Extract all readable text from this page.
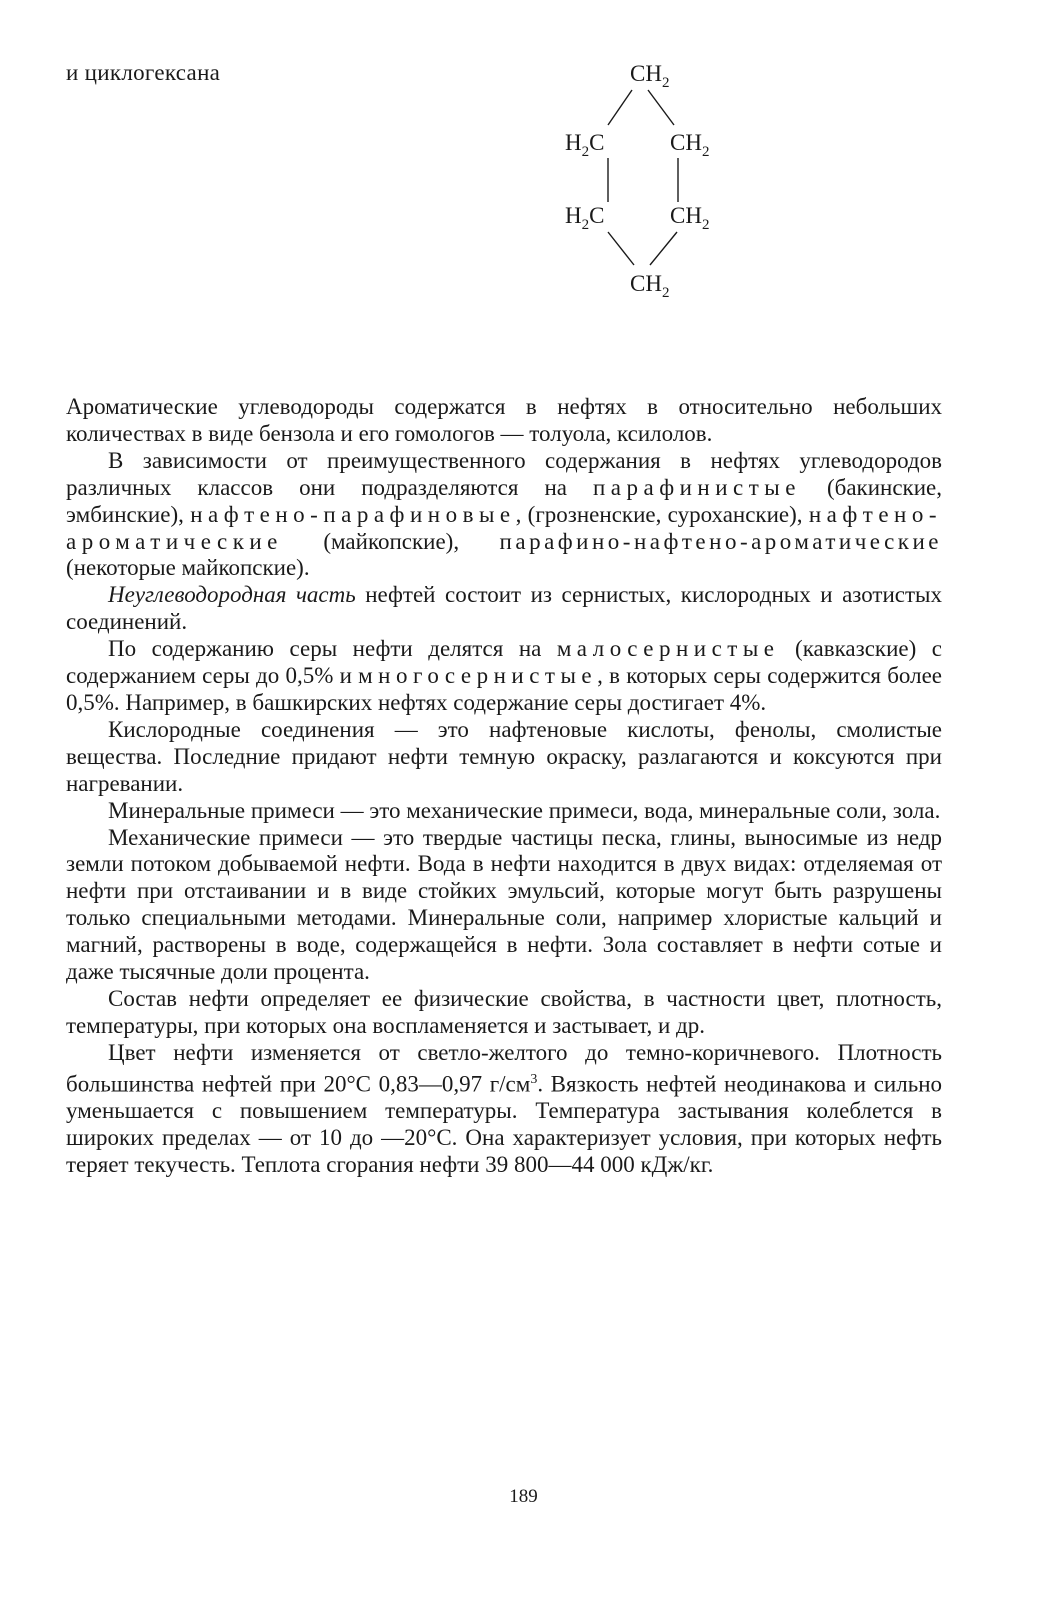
и циклогексана	$CH_2$
$H_2C$	$CH_2$
$H_2C$	$CH_2$
$CH_2$

Ароматические углеводороды содержатся в нефтях в относительно небольших количествах в виде бензола и его гомологов — толуола, ксилолов.

В зависимости от преимущественного содержания в нефтях углеводородов различных классов они подразделяются на парафинистые (бакинские, эмбинские), нафтено-парафиновые, (грозненские, суроханские), нафтено-ароматические (майкопские), парафино-нафтено-ароматические (некоторые майкопские).

Неуглеводородная часть нефтей состоит из сернистых, кислородных и азотистых соединений.

По содержанию серы нефти делятся на малосернистые (кавказские) с содержанием серы до 0,5% и многосернистые, в которых серы содержится более 0,5%. Например, в башкирских нефтях содержание серы достигает 4%.

Кислородные соединения — это нафтеновые кислоты, фенолы, смолистые вещества. Последние придают нефти темную окраску, разлагаются и коксуются при нагревании.

Минеральные примеси — это механические примеси, вода, минеральные соли, зола.

Механические примеси — это твердые частицы песка, глины, выносимые из недр земли потоком добываемой нефти. Вода в нефти находится в двух видах: отделяемая от нефти при отстаивании и в виде стойких эмульсий, которые могут быть разрушены только специальными методами. Минеральные соли, например хлористые кальций и магний, растворены в воде, содержащейся в нефти. Зола составляет в нефти сотые и даже тысячные доли процента.

Состав нефти определяет ее физические свойства, в частности цвет, плотность, температуры, при которых она воспламеняется и застывает, и др.

Цвет нефти изменяется от светло-желтого до темно-коричневого. Плотность большинства нефтей при 20°С 0,83—0,97 $г/см^3$. Вязкость нефтей неодинакова и сильно уменьшается с повышением температуры. Температура застывания колеблется в широких пределах — от 10 до —20°С. Она характеризует условия, при которых нефть теряет текучесть. Теплота сгорания нефти 39 800—44 000 кДж/кг.

189
